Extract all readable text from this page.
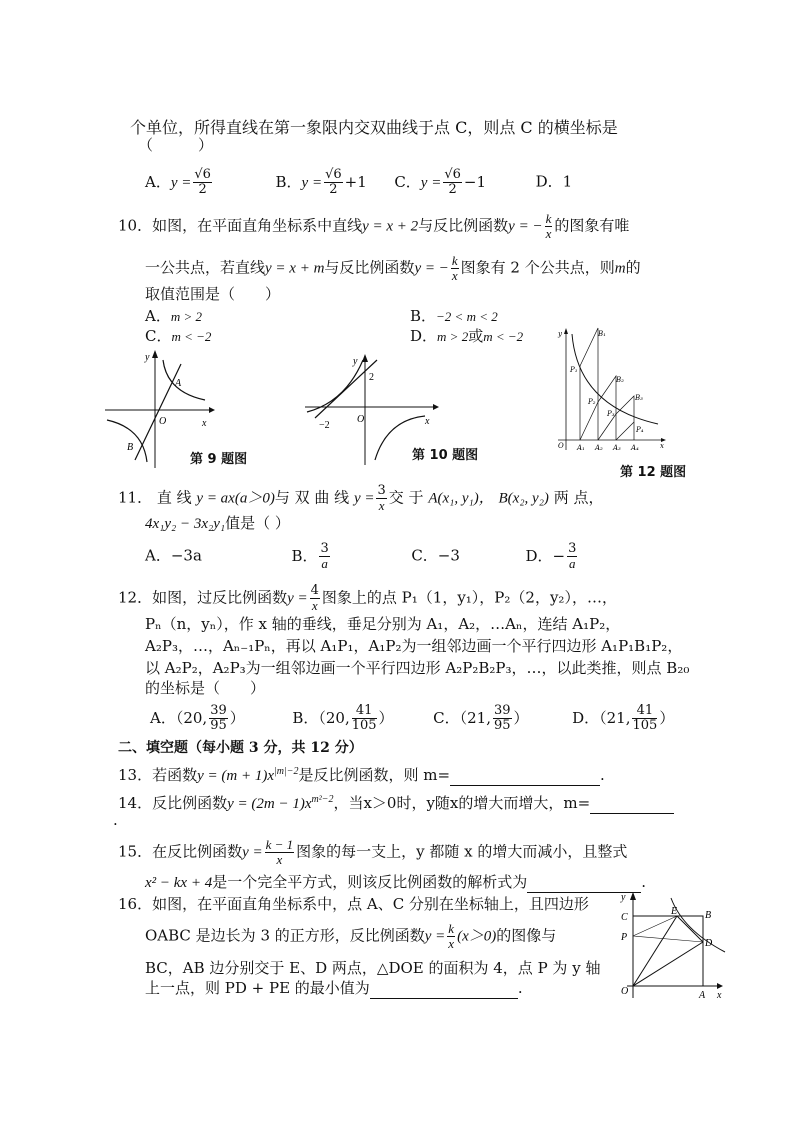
个单位，所得直线在第一象限内交双曲线于点 C，则点 C 的横坐标是
（　　　）
A．$y = \frac{√6}{2}$	B．$y = \frac{√6}{2} +1$ C．$y = \frac{√6}{2} -1$	D．1
10．如图，在平面直角坐标系中直线y = x + 2与反比例函数y = − $\frac{k}{x}$ 的图象有唯
一公共点，若直线y = x + m与反比例函数y = − $\frac{k}{x}$ 图象有 2 个公共点，则m的
取值范围是（　　）
A．m > 2	B．−2 < m < 2
C．m < −2	D．m > 2或m < −2
y
A
O	x
B
第 9 题图
y
2
−2
O	x
第 10 题图
y	B₁
P₁
B₂
P₂	B₃
P₃
P₄
O A₁ A₂ A₃ A₄	x
第 12 题图
11． 直 线 y = ax(a＞0)与 双 曲 线 $y = \frac{3}{x}$ 交 于 A(x₁, y₁)， B(x₂, y₂) 两 点，
4x₁y₂ − 3x₂y₁值是（ ）
A．−3a	B． $\frac{3}{a}$	C．−3	D．− $\frac{3}{a}$
12．如图，过反比例函数$y = \frac{4}{x}$ 图象上的点 P₁（1，y₁），P₂（2，y₂），…，
Pₙ（n，yₙ），作 x 轴的垂线，垂足分别为 A₁，A₂，…Aₙ，连结 A₁P₂，
A₂P₃，…，Aₙ₋₁Pₙ，再以 A₁P₁，A₁P₂为一组邻边画一个平行四边形 A₁P₁B₁P₂，
以 A₂P₂，A₂P₃为一组邻边画一个平行四边形 A₂P₂B₂P₃，…，以此类推，则点 B₂₀
的坐标是（　　）
A．（20, $\frac{39}{95}$ ）	B．（20, $\frac{41}{105}$ ）	C．（21, $\frac{39}{95}$ ）	D．（21, $\frac{41}{105}$ ）
二、填空题（每小题 3 分，共 12 分）
13．若函数$y = (m + 1)x^{|m|-2}$是反比例函数，则 m=	.
14．反比例函数$y = (2m - 1)x^{m^2-2}$，当x＞0时，y随x的增大而增大，m=
.
15．在反比例函数$y = \frac{k - 1}{x}$ 图象的每一支上，y 都随 x 的增大而减小，且整式
x² − kx + 4是一个完全平方式，则该反比例函数的解析式为	.
16．如图，在平面直角坐标系中，点 A、C 分别在坐标轴上，且四边形
OABC 是边长为 3 的正方形，反比例函数$y = \frac{k}{x} (x>0)$的图像与
BC，AB 边分别交于 E、D 两点，△DOE 的面积为 4，点 P 为 y 轴
上一点，则 PD + PE 的最小值为	.
y
C
P
E	B
D
O	A x
